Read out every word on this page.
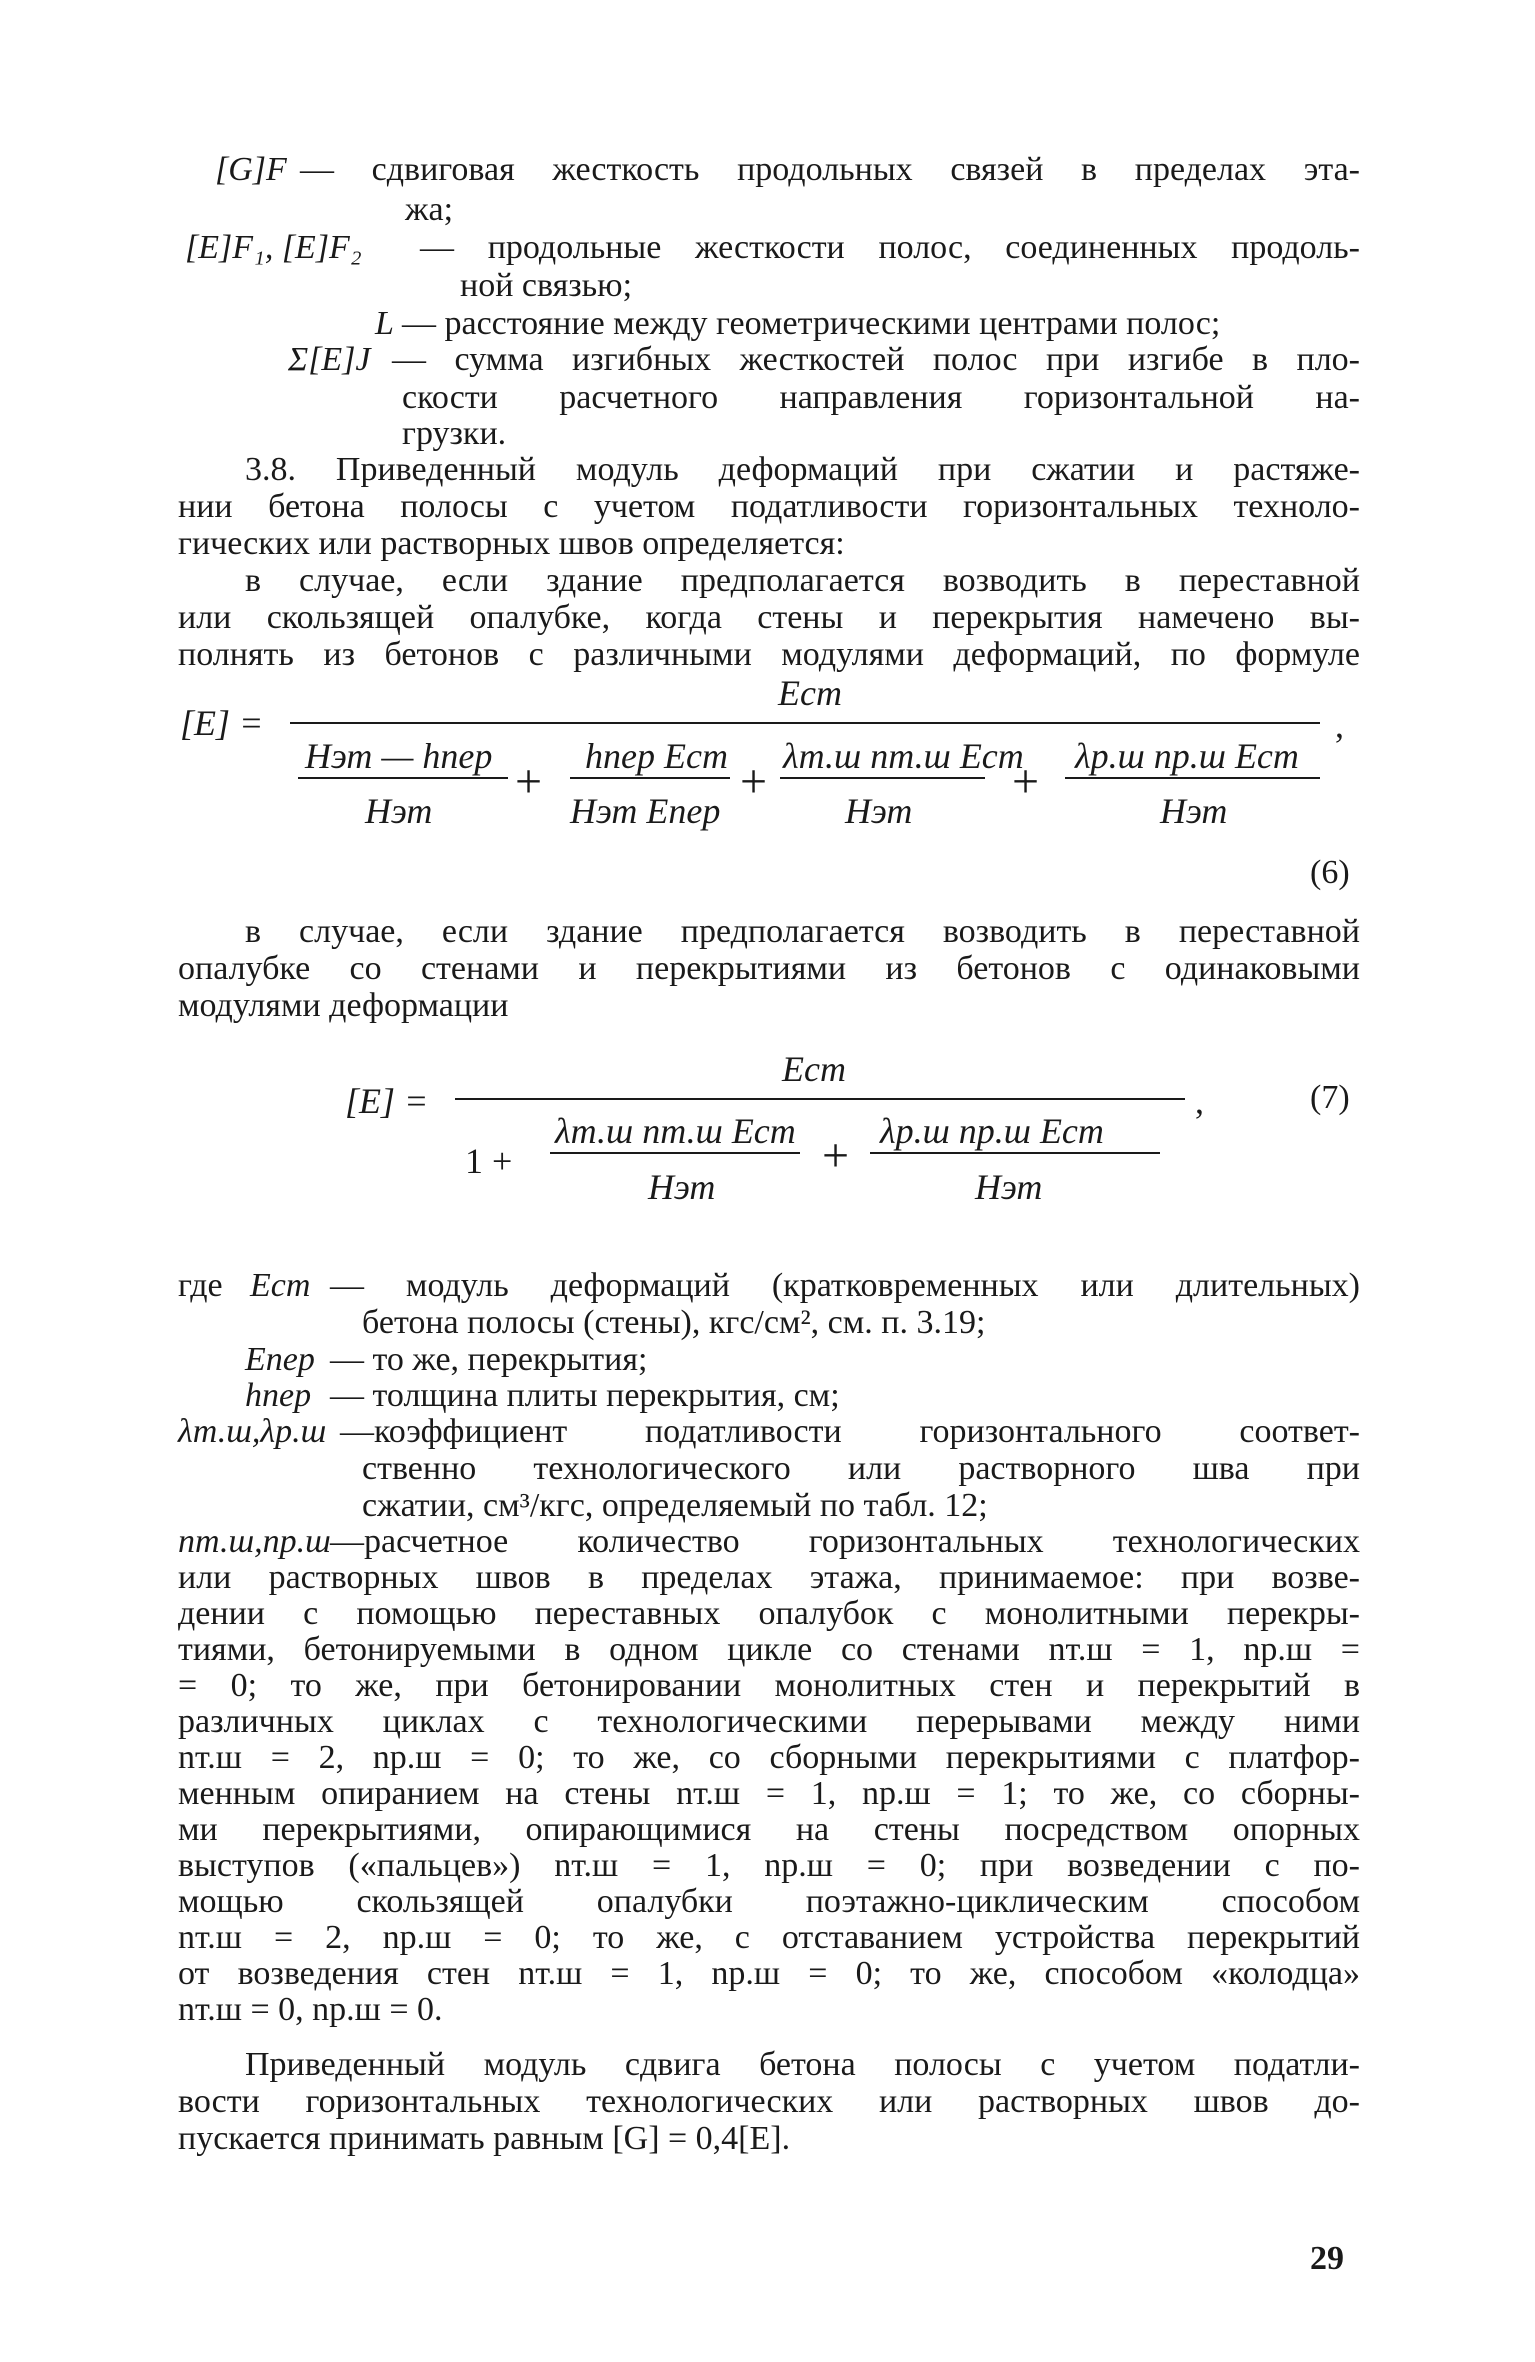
[G]F — сдвиговая жесткость продольных связей в пределах эта-
жа;
[E]F₁, [E]F₂ — продольные жесткости полос, соединенных продоль-
ной связью;
L — расстояние между геометрическими центрами полос;
Σ[E]J — сумма изгибных жесткостей полос при изгибе в пло-
скости расчетного направления горизонтальной на-
грузки.
3.8. Приведенный модуль деформаций при сжатии и растяже-
нии бетона полосы с учетом податливости горизонтальных техноло-
гических или растворных швов определяется:
в случае, если здание предполагается возводить в переставной
или скользящей опалубке, когда стены и перекрытия намечено вы-
полнять из бетонов с различными модулями деформаций, по формуле
[E] =
Eст
,
Hэт — hпер
Hэт
+ hпер Eст
Hэт Eпер
+ λт.ш nт.ш Eст
Hэт
+ λр.ш nр.ш Eст
Hэт
(6)
в случае, если здание предполагается возводить в переставной
опалубке со стенами и перекрытиями из бетонов с одинаковыми
модулями деформации
[E] =
Eст
,	(7)
1 +
λт.ш nт.ш Eст
Hэт
+ λр.ш nр.ш Eст
Hэт
где Eст — модуль деформаций (кратковременных или длительных)
бетона полосы (стены), кгс/см², см. п. 3.19;
Eпер — то же, перекрытия;
hпер — толщина плиты перекрытия, см;
λт.ш,λр.ш —коэффициент податливости горизонтального соответ-
ственно технологического или растворного шва при
сжатии, см³/кгс, определяемый по табл. 12;
nт.ш,nр.ш —расчетное количество горизонтальных технологических
или растворных швов в пределах этажа, принимаемое: при возве-
дении с помощью переставных опалубок с монолитными перекры-
тиями, бетонируемыми в одном цикле со стенами nт.ш = 1, nр.ш =
= 0; то же, при бетонировании монолитных стен и перекрытий в
различных циклах с технологическими перерывами между ними
nт.ш = 2, nр.ш = 0; то же, со сборными перекрытиями с платфор-
менным опиранием на стены nт.ш = 1, nр.ш = 1; то же, со сборны-
ми перекрытиями, опирающимися на стены посредством опорных
выступов («пальцев») nт.ш = 1, nр.ш = 0; при возведении с по-
мощью скользящей опалубки поэтажно-циклическим способом
nт.ш = 2, nр.ш = 0; то же, с отставанием устройства перекрытий
от возведения стен nт.ш = 1, nр.ш = 0; то же, способом «колодца»
nт.ш = 0, nр.ш = 0.
Приведенный модуль сдвига бетона полосы с учетом податли-
вости горизонтальных технологических или растворных швов до-
пускается принимать равным [G] = 0,4[E].
29
